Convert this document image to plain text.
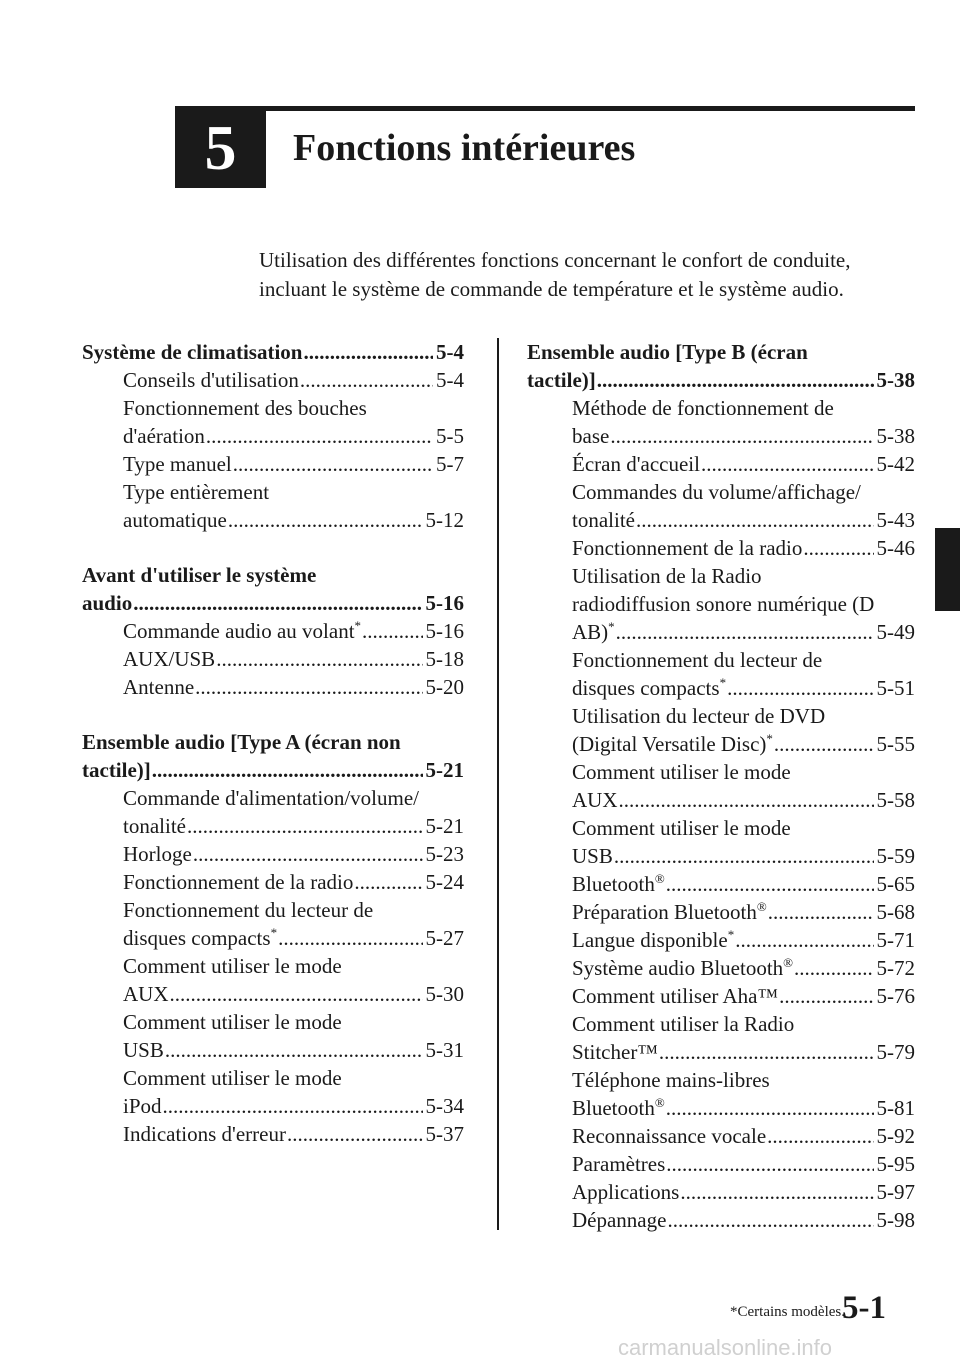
5	Fonctions intérieures

Utilisation des différentes fonctions concernant le confort de conduite,
incluant le système de commande de température et le système audio.

Système de climatisation .....	5-4
Conseils d'utilisation .....	5-4
Fonctionnement des bouches
d'aération .....	5-5
Type manuel .....	5-7
Type entièrement
automatique .....	5-12
Avant d'utiliser le système
audio .....	5-16
Commande audio au volant* .....	5-16
AUX/USB .....	5-18
Antenne .....	5-20
Ensemble audio [Type A (écran non
tactile)] .....	5-21
Commande d'alimentation/volume/
tonalité .....	5-21
Horloge .....	5-23
Fonctionnement de la radio .....	5-24
Fonctionnement du lecteur de
disques compacts* .....	5-27
Comment utiliser le mode
AUX .....	5-30
Comment utiliser le mode
USB .....	5-31
Comment utiliser le mode
iPod .....	5-34
Indications d'erreur .....	5-37
Ensemble audio [Type B (écran
tactile)] .....	5-38
Méthode de fonctionnement de
base .....	5-38
Écran d'accueil .....	5-42
Commandes du volume/affichage/
tonalité .....	5-43
Fonctionnement de la radio .....	5-46
Utilisation de la Radio
radiodiffusion sonore numérique (D
AB)* .....	5-49
Fonctionnement du lecteur de
disques compacts* .....	5-51
Utilisation du lecteur de DVD
(Digital Versatile Disc)* .....	5-55
Comment utiliser le mode
AUX .....	5-58
Comment utiliser le mode
USB .....	5-59
Bluetooth® .....	5-65
Préparation Bluetooth® .....	5-68
Langue disponible* .....	5-71
Système audio Bluetooth® .....	5-72
Comment utiliser Aha™ .....	5-76
Comment utiliser la Radio
Stitcher™ .....	5-79
Téléphone mains-libres
Bluetooth® .....	5-81
Reconnaissance vocale .....	5-92
Paramètres .....	5-95
Applications .....	5-97
Dépannage .....	5-98
*Certains modèles.
5-1
carmanualsonline.info
